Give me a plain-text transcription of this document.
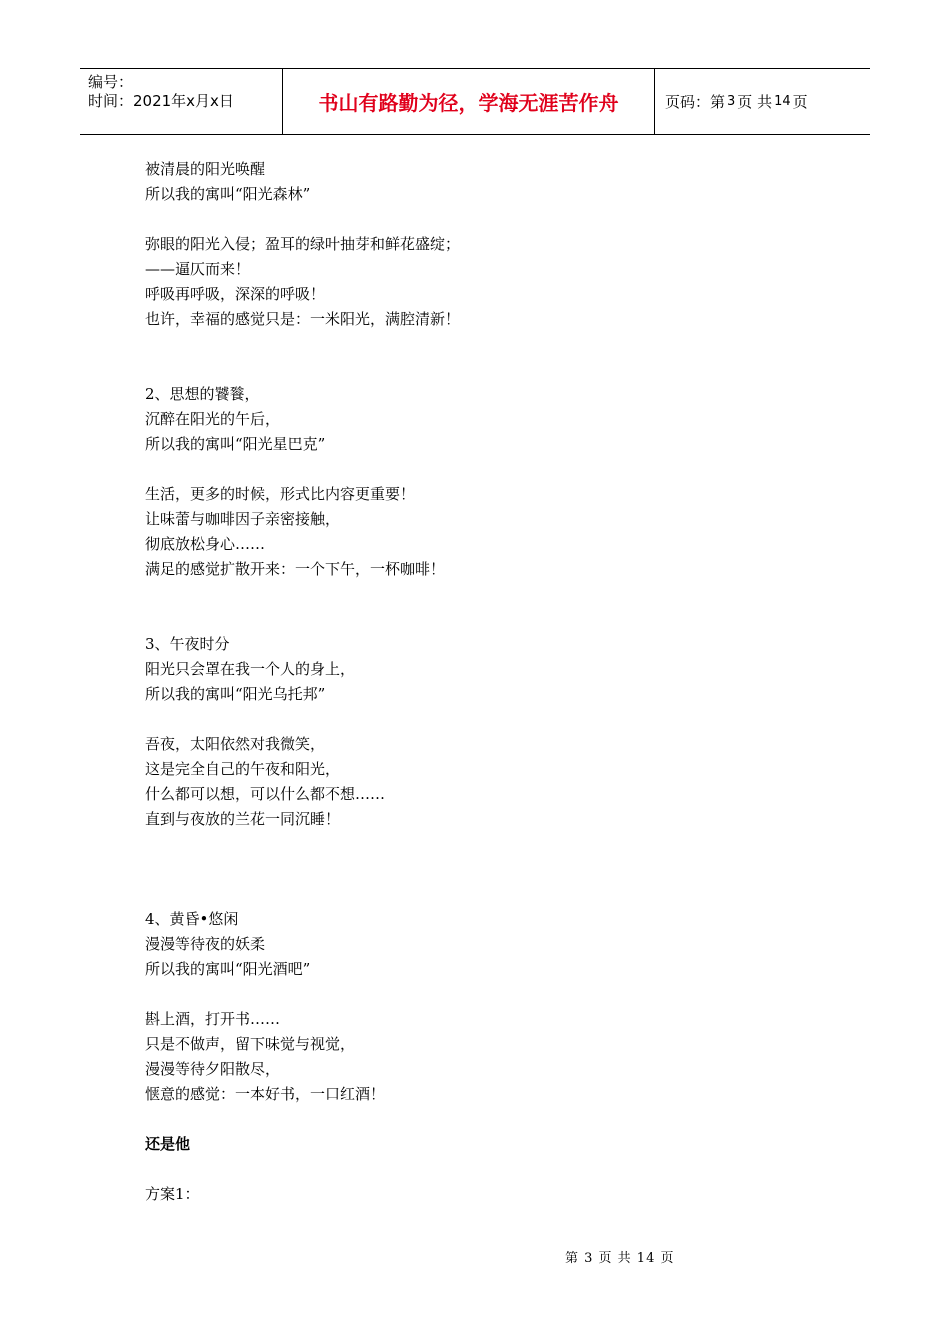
编号：
时间：2021年x月x日	书山有路勤为径，学海无涯苦作舟	页码：第 3 页 共 14 页
被清晨的阳光唤醒
所以我的寓叫“阳光森林”
弥眼的阳光入侵；盈耳的绿叶抽芽和鲜花盛绽；
——逼仄而来！
呼吸再呼吸，深深的呼吸！
也许，幸福的感觉只是：一米阳光，满腔清新！
2、思想的饕餮，
沉醉在阳光的午后，
所以我的寓叫“阳光星巴克”
生活，更多的时候，形式比内容更重要！
让味蕾与咖啡因子亲密接触，
彻底放松身心……
满足的感觉扩散开来：一个下午，一杯咖啡！
3、午夜时分
阳光只会罩在我一个人的身上，
所以我的寓叫“阳光乌托邦”
吾夜，太阳依然对我微笑，
这是完全自己的午夜和阳光，
什么都可以想，可以什么都不想……
直到与夜放的兰花一同沉睡！
4、黄昏•悠闲
漫漫等待夜的妖柔
所以我的寓叫“阳光酒吧”
斟上酒，打开书……
只是不做声，留下味觉与视觉，
漫漫等待夕阳散尽，
惬意的感觉：一本好书，一口红酒！
还是他
方案1：
第 3 页 共 14 页
